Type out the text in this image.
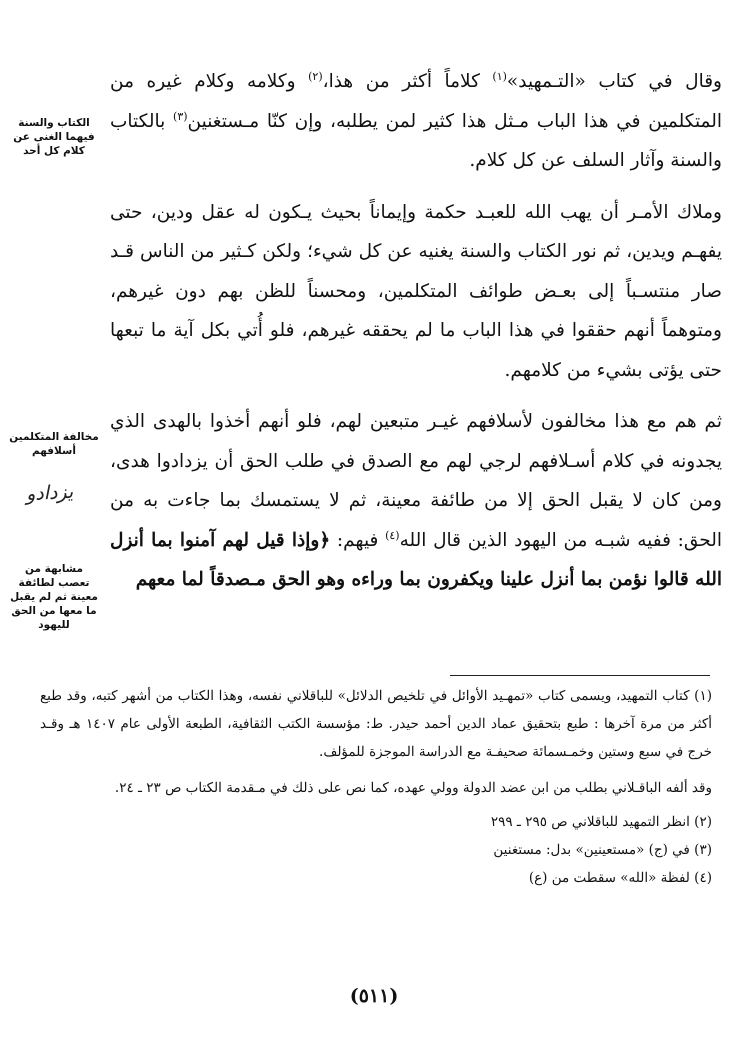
وقال في كتاب «التـمهيد»$^{(١)}$ كلاماً أكثر من هذا،$^{(٢)}$ وكلامه وكلام غيره من المتكلمين في هذا الباب مـثل هذا كثير لمن يطلبه، وإن كنّا مـستغنين$^{(٣)}$ بالكتاب والسنة وآثار السلف عن كل كلام.

وملاك الأمـر أن يهب الله للعبـد حكمة وإيماناً بحيث يـكون له عقل ودين، حتى يفهـم ويدين، ثم نور الكتاب والسنة يغنيه عن كل شيء؛ ولكن كـثير من الناس قـد صار منتسـباً إلى بعـض طوائف المتكلمين، ومحسناً للظن بهم دون غيرهم، ومتوهماً أنهم حققوا في هذا الباب ما لم يحققه غيرهم، فلو أُتي بكل آية ما تبعها حتى يؤتى بشيء من كلامهم.

ثم هم مع هذا مخالفون لأسلافهم غيـر متبعين لهم، فلو أنهم أخذوا بالهدى الذي يجدونه في كلام أسـلافهم لرجي لهم مع الصدق في طلب الحق أن يزدادوا هدى، ومن كان لا يقبل الحق إلا من طائفة معينة، ثم لا يستمسك بما جاءت به من الحق: ففيه شبـه من اليهود الذين قال الله$^{(٤)}$ فيهم: ﴿وإذا قيل لهم آمنوا بما أنزل الله قالوا نؤمن بما أنزل علينا ويكفرون بما وراءه وهو الحق مـصدقاً لما معهم

الكتاب والسنة فيهما الغنى عن كلام كل أحد
مخالفة المتكلمين أسلافهم
يزدادو
مشابهة من تعصب لطائفة معينة ثم لم يقبل ما معها من الحق لليهود

(١) كتاب التمهيد، ويسمى كتاب «تمهـيد الأوائل في تلخيص الدلائل» للباقلاني نفسه، وهذا الكتاب من أشهر كتبه، وقد طبع أكثر من مرة آخرها : طبع بتحقيق عماد الدين أحمد حيدر. ط: مؤسسة الكتب الثقافية، الطبعة الأولى عام ١٤٠٧ هـ وقـد خرج في سبع وستين وخمـسمائة صحيفـة مع الدراسة الموجزة للمؤلف.

وقد ألفه الباقـلاني بطلب من ابن عضد الدولة وولي عهده، كما نص على ذلك في مـقدمة الكتاب ص ٢٣ ـ ٢٤.

(٢) انظر التمهيد للباقلاني ص ٢٩٥ ـ ٢٩٩

(٣) في (ج) «مستعينين» بدل: مستغنين

(٤) لفظة «الله» سقطت من (ع)

(٥١١)
